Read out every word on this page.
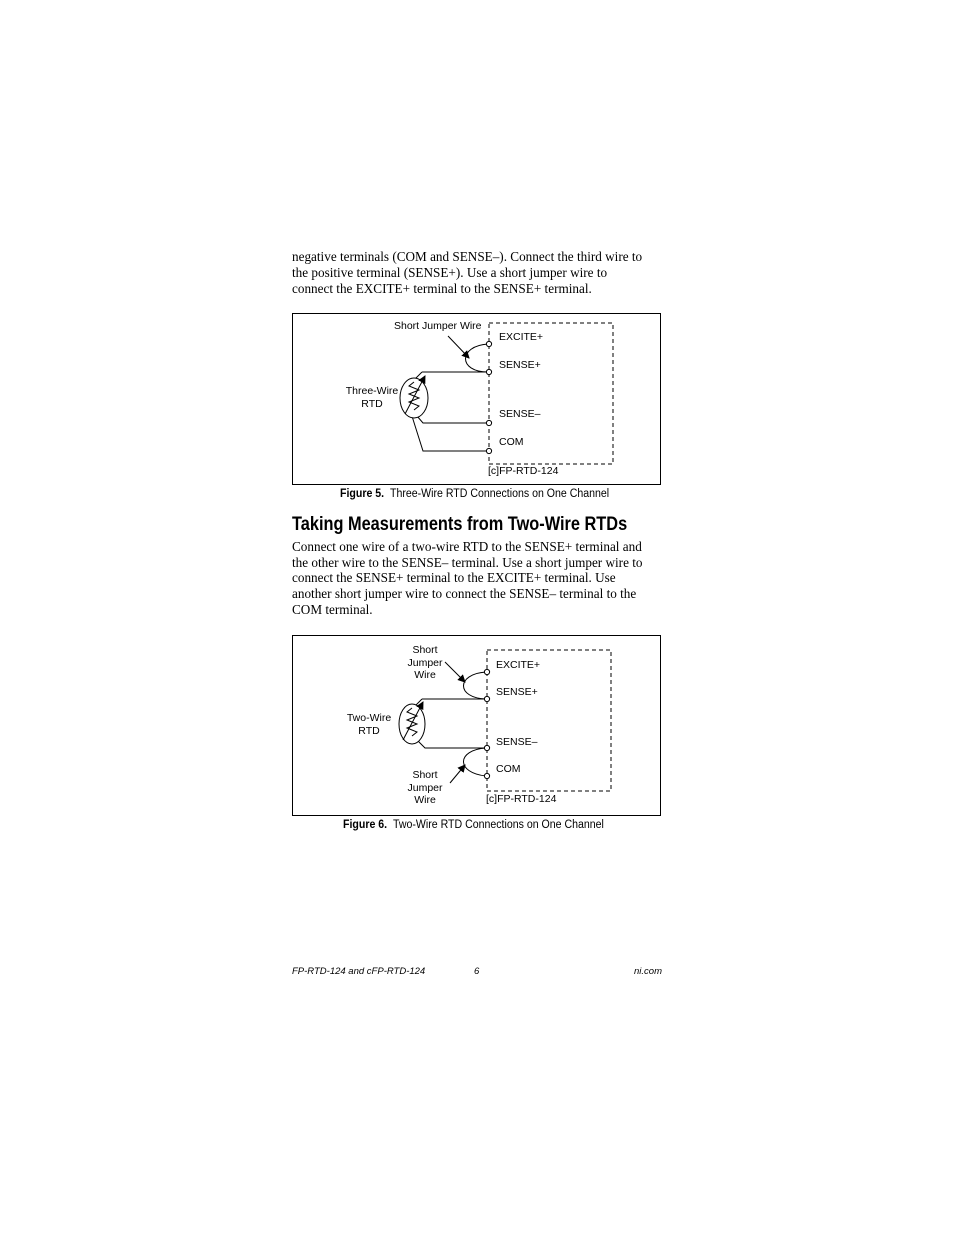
negative terminals (COM and SENSE–). Connect the third wire to

the positive terminal (SENSE+). Use a short jumper wire to

connect the EXCITE+ terminal to the SENSE+ terminal.

Short Jumper Wire
Three-Wire
RTD
EXCITE+
SENSE+
SENSE–
COM
[c]FP-RTD-124
Figure 5. Three-Wire RTD Connections on One Channel
Taking Measurements from Two-Wire RTDs

Connect one wire of a two-wire RTD to the SENSE+ terminal and

the other wire to the SENSE– terminal. Use a short jumper wire to

connect the SENSE+ terminal to the EXCITE+ terminal. Use

another short jumper wire to connect the SENSE– terminal to the

COM terminal.

Short
Jumper
Wire
Two-Wire
RTD
Short
Jumper
Wire
EXCITE+
SENSE+
SENSE–
COM
[c]FP-RTD-124
Figure 6. Two-Wire RTD Connections on One Channel
FP-RTD-124 and cFP-RTD-124	6	ni.com
